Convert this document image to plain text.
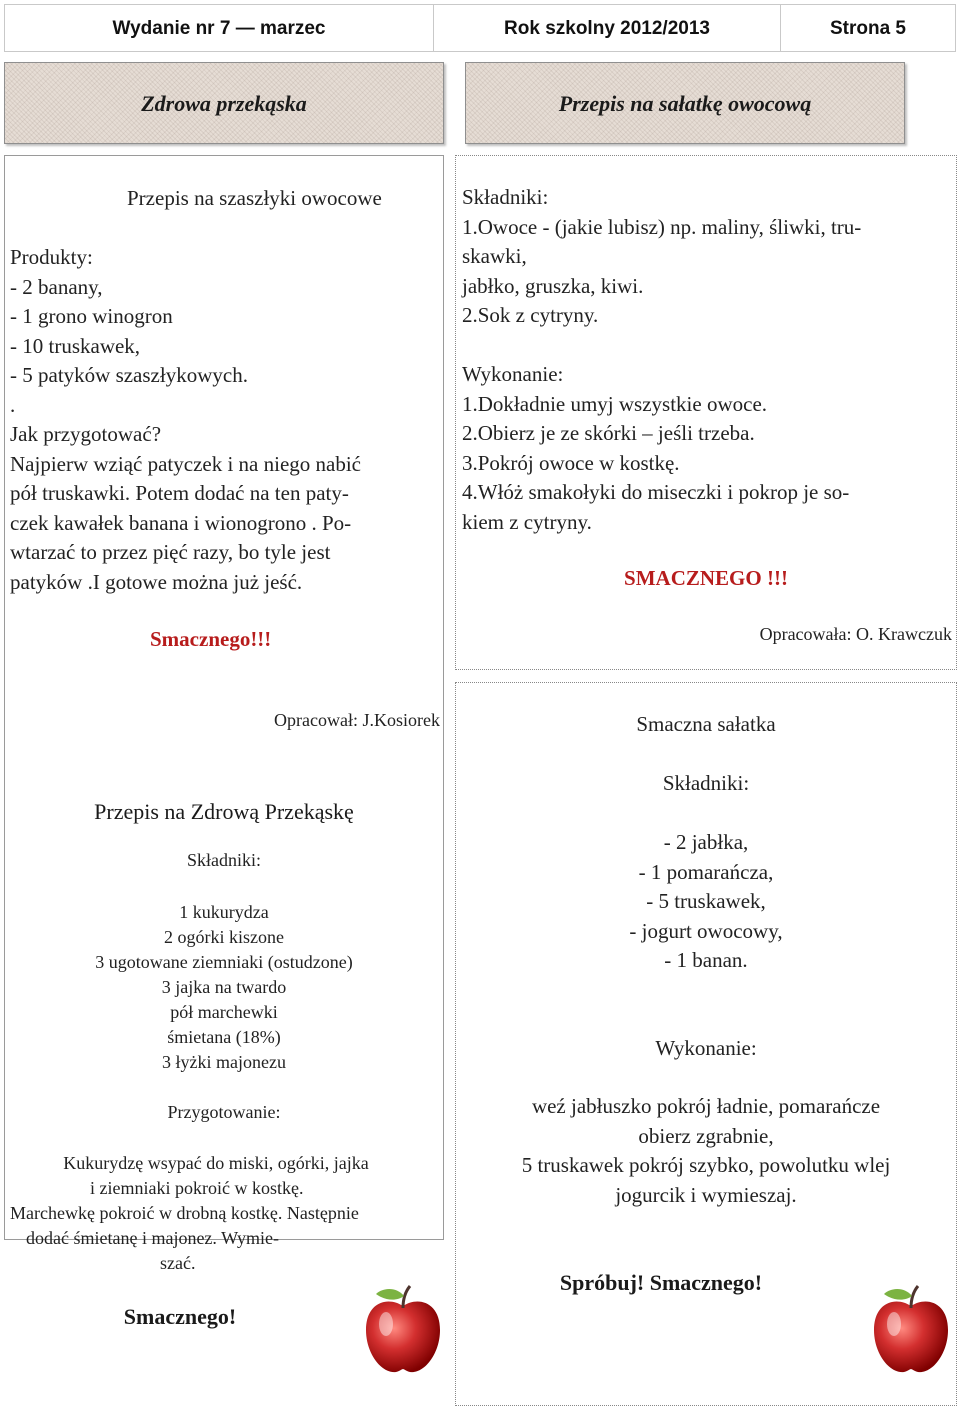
Wydanie nr 7 — marzec	Rok szkolny 2012/2013	Strona 5
Zdrowa przekąska	Przepis na sałatkę owocową
Przepis na szaszłyki owocowe
Produkty:
- 2 banany,
- 1 grono winogron
- 10 truskawek,
- 5 patyków szaszłykowych.
.
Jak przygotować?
Najpierw wziąć patyczek i na niego nabić
pół truskawki. Potem dodać na ten paty-
czek kawałek banana i wionogrono . Po-
wtarzać to przez pięć razy, bo tyle jest
patyków .I gotowe można już jeść.
Smacznego!!!
Opracował: J.Kosiorek
Przepis na Zdrową Przekąskę
Składniki:
1 kukurydza
2 ogórki kiszone
3 ugotowane ziemniaki (ostudzone)
3 jajka na twardo
pół marchewki
śmietana (18%)
3 łyżki majonezu
Przygotowanie:
Kukurydzę wsypać do miski, ogórki, jajka
i ziemniaki pokroić w kostkę.
Marchewkę pokroić w drobną kostkę. Następnie
dodać śmietanę i majonez. Wymie-
szać.
Smacznego!
Składniki:
1.Owoce - (jakie lubisz) np. maliny, śliwki, tru-
skawki,
jabłko, gruszka, kiwi.
2.Sok z cytryny.
Wykonanie:
1.Dokładnie umyj wszystkie owoce.
2.Obierz je ze skórki – jeśli trzeba.
3.Pokrój owoce w kostkę.
4.Włóż smakołyki do miseczki i pokrop je so-
kiem z cytryny.
SMACZNEGO !!!
Opracowała: O. Krawczuk
Smaczna sałatka
Składniki:
- 2 jabłka,
- 1 pomarańcza,
- 5 truskawek,
- jogurt owocowy,
- 1 banan.
Wykonanie:
weź jabłuszko pokrój ładnie, pomarańcze
obierz zgrabnie,
5 truskawek pokrój szybko, powolutku wlej
jogurcik i wymieszaj.
Spróbuj! Smacznego!
